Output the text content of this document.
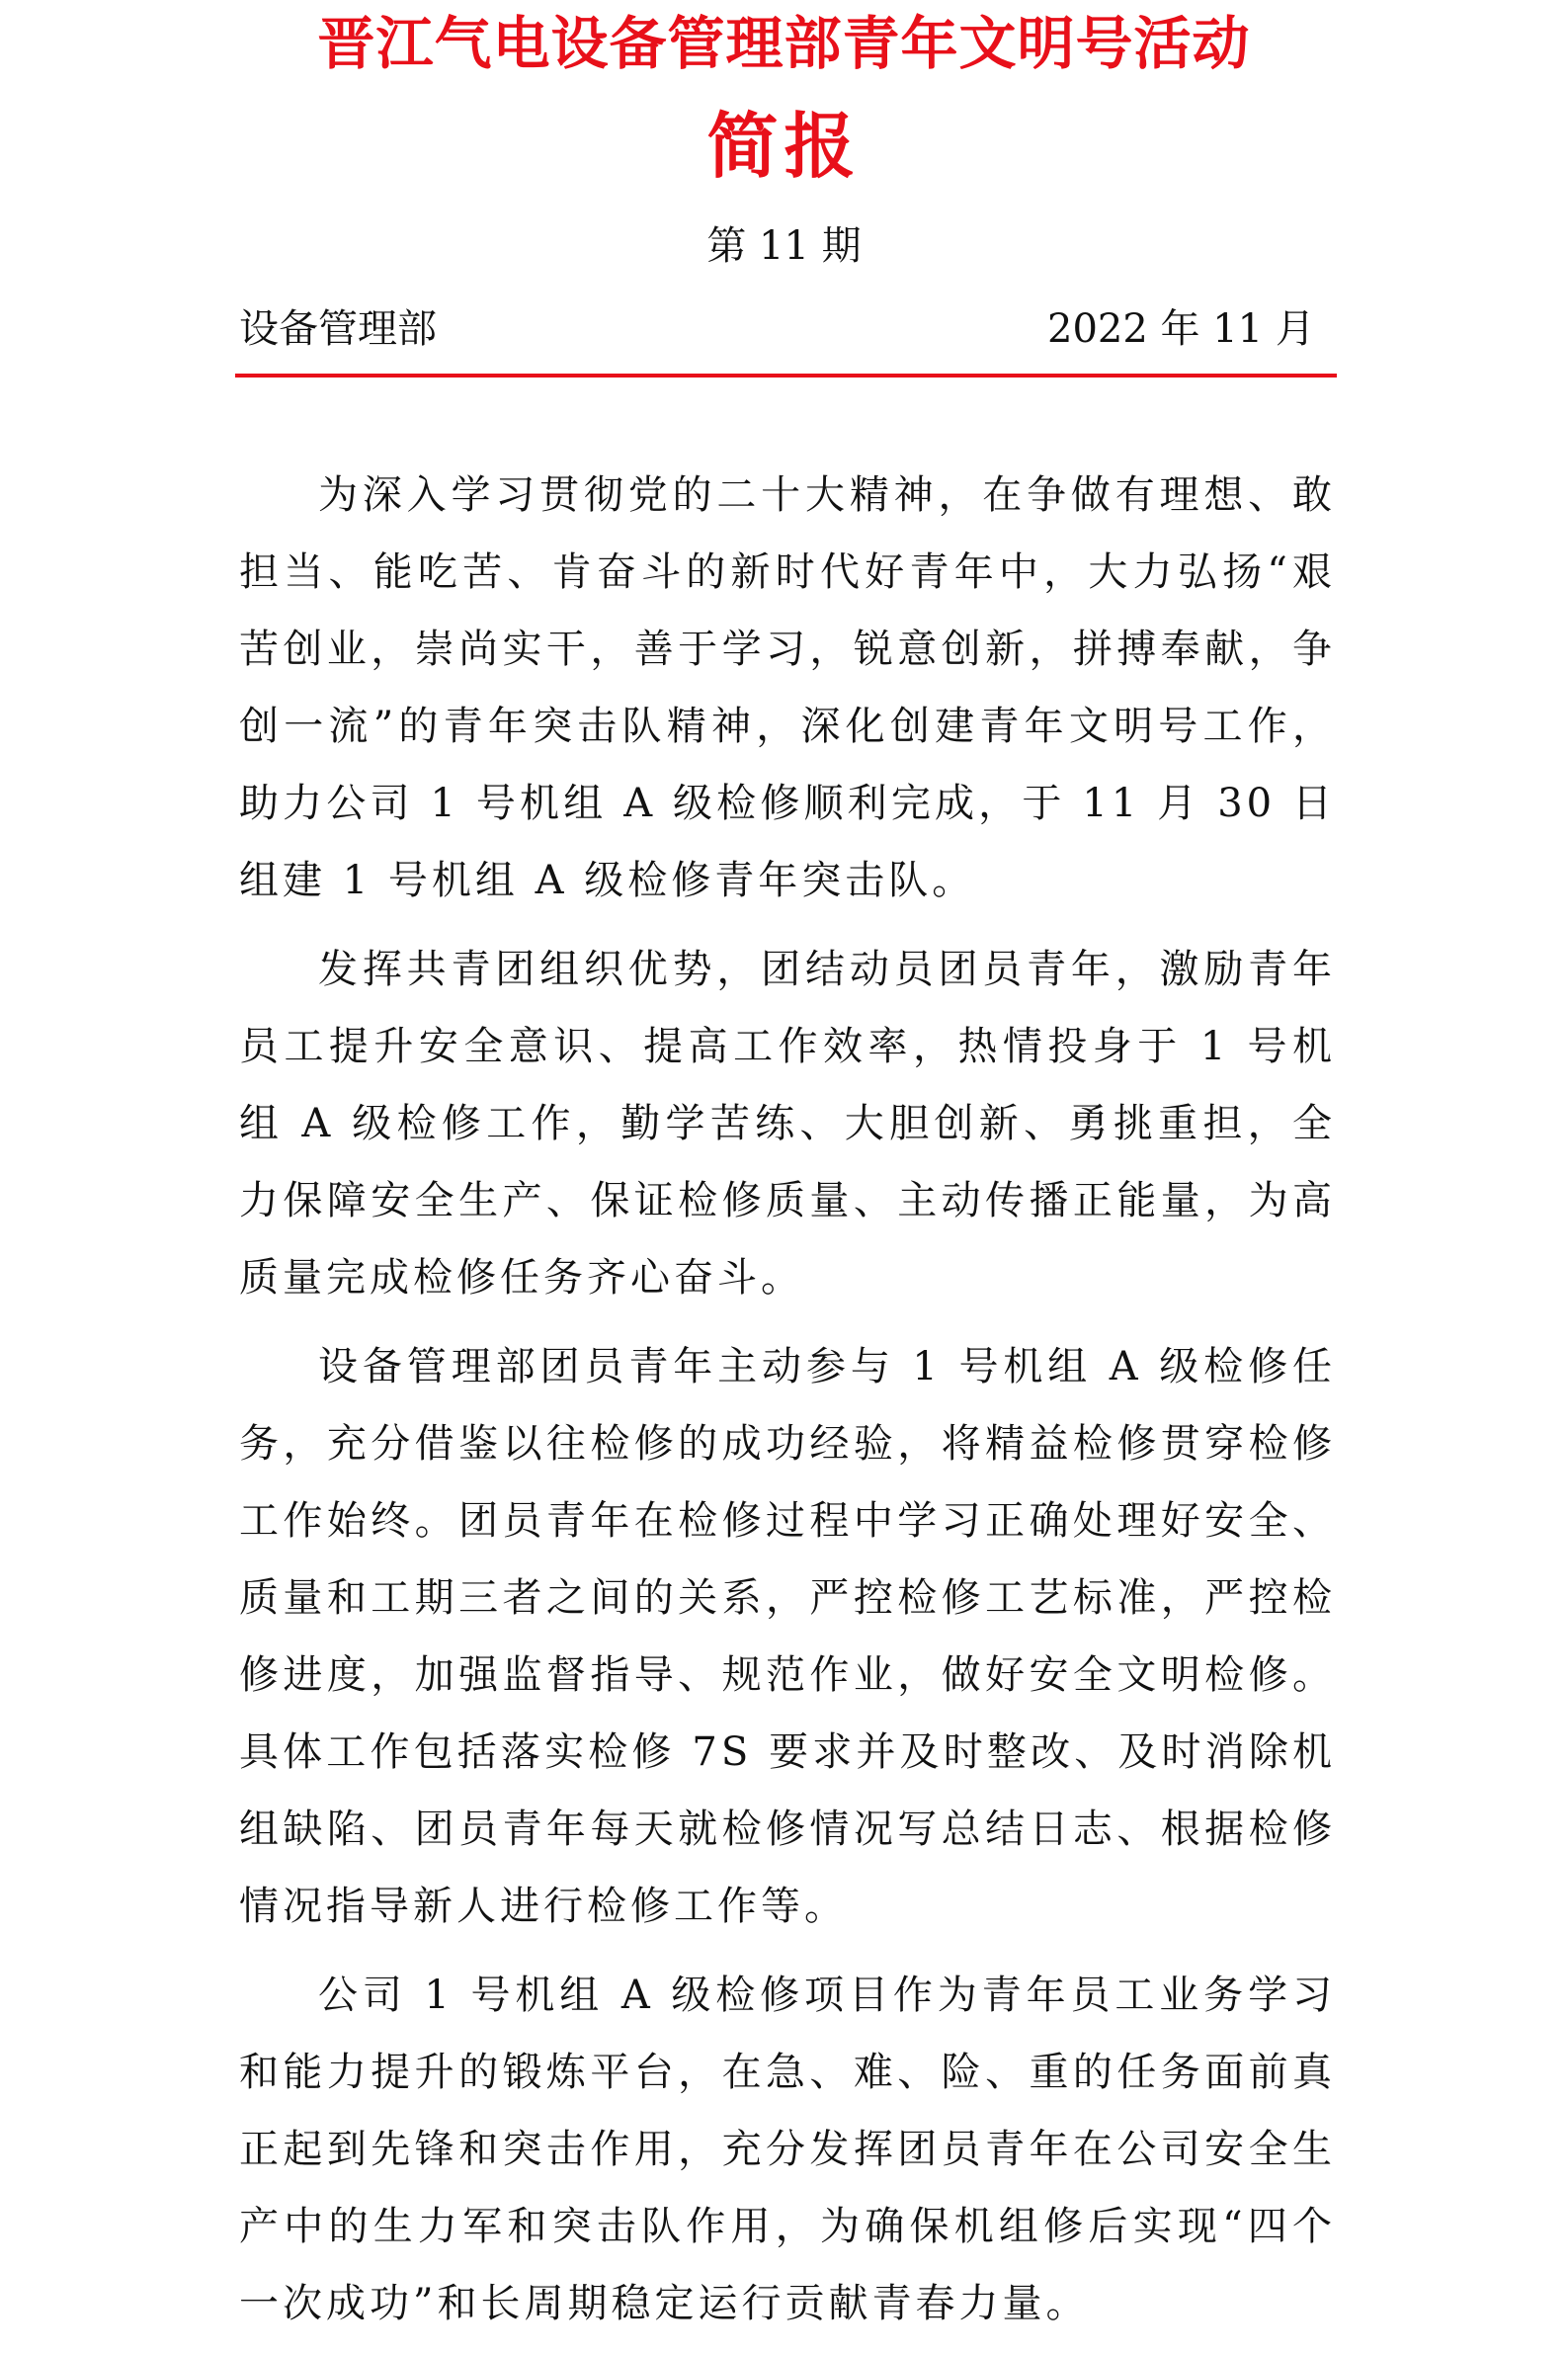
晋江气电设备管理部青年文明号活动
简报
第 11 期
设备管理部	2022 年 11 月

为深入学习贯彻党的二十大精神，在争做有理想、敢担当、能吃苦、肯奋斗的新时代好青年中，大力弘扬“艰苦创业，崇尚实干，善于学习，锐意创新，拼搏奉献，争创一流”的青年突击队精神，深化创建青年文明号工作，助力公司 1 号机组 A 级检修顺利完成，于 11 月 30 日组建 1 号机组 A 级检修青年突击队。

发挥共青团组织优势，团结动员团员青年，激励青年员工提升安全意识、提高工作效率，热情投身于 1 号机组 A 级检修工作，勤学苦练、大胆创新、勇挑重担，全力保障安全生产、保证检修质量、主动传播正能量，为高质量完成检修任务齐心奋斗。

设备管理部团员青年主动参与 1 号机组 A 级检修任务，充分借鉴以往检修的成功经验，将精益检修贯穿检修工作始终。团员青年在检修过程中学习正确处理好安全、质量和工期三者之间的关系，严控检修工艺标准，严控检修进度，加强监督指导、规范作业，做好安全文明检修。具体工作包括落实检修 7S 要求并及时整改、及时消除机组缺陷、团员青年每天就检修情况写总结日志、根据检修情况指导新人进行检修工作等。

公司 1 号机组 A 级检修项目作为青年员工业务学习和能力提升的锻炼平台，在急、难、险、重的任务面前真正起到先锋和突击作用，充分发挥团员青年在公司安全生产中的生力军和突击队作用，为确保机组修后实现“四个一次成功”和长周期稳定运行贡献青春力量。
